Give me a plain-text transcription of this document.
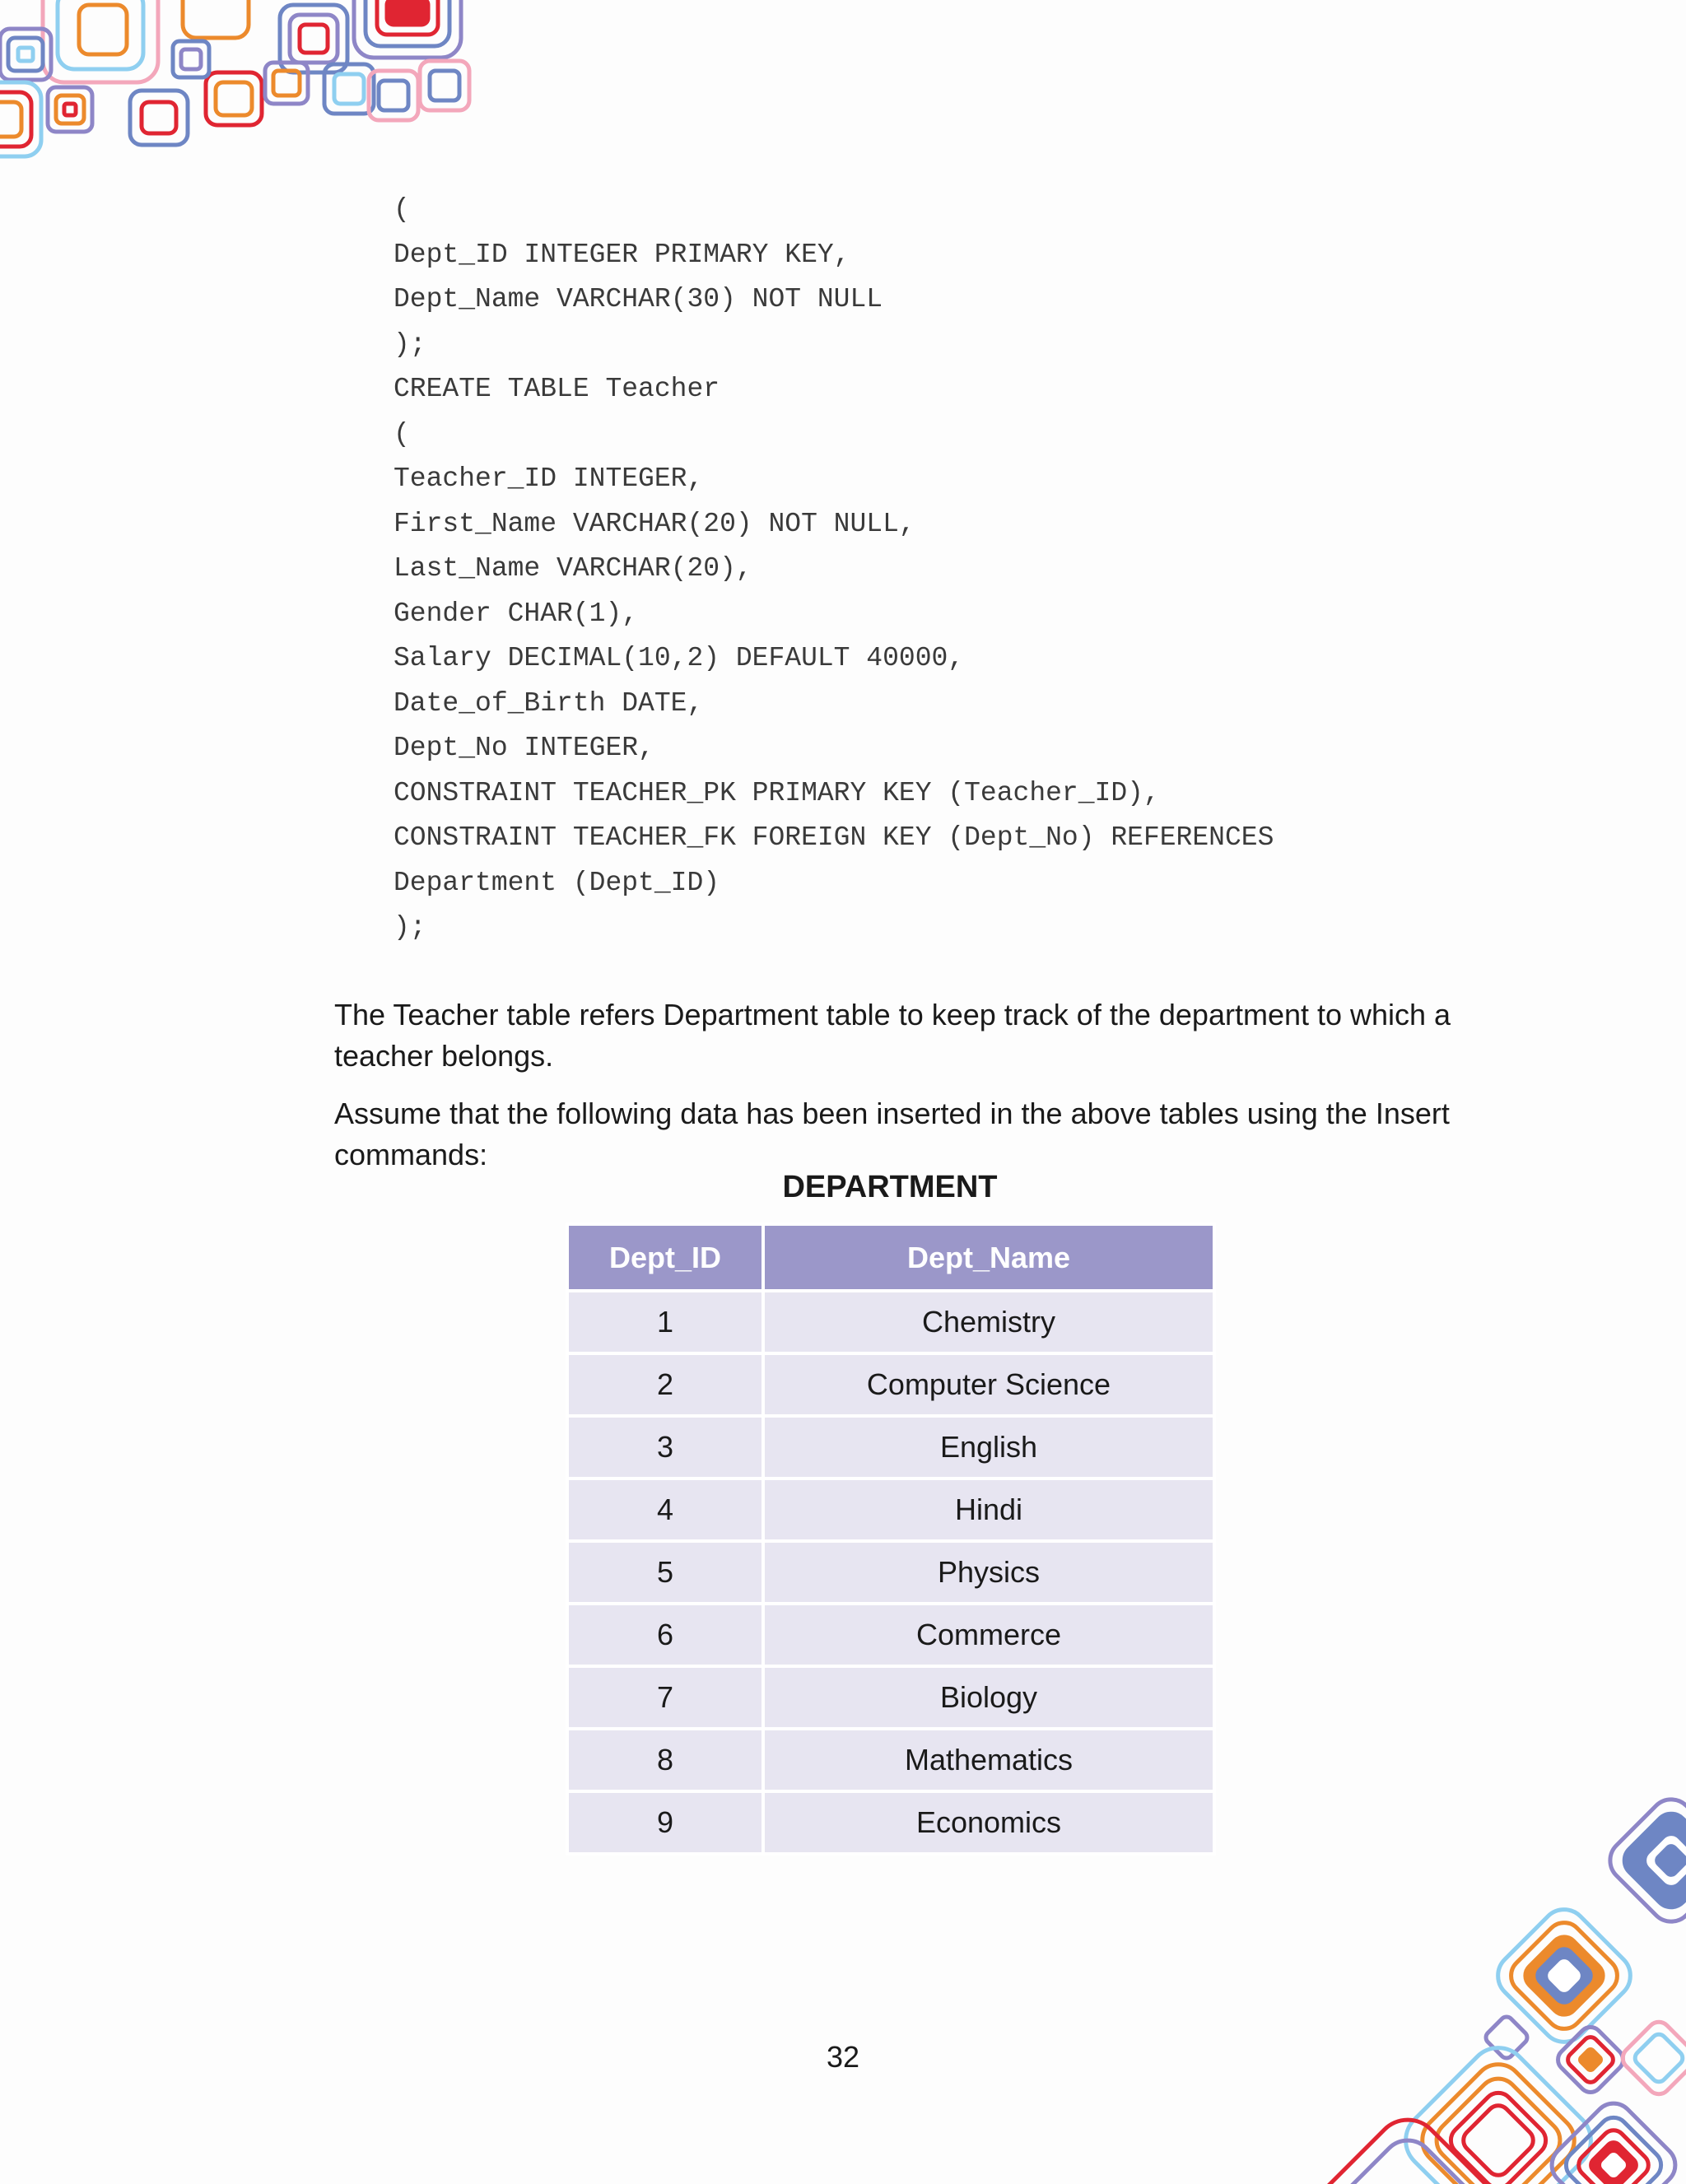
(
Dept_ID INTEGER PRIMARY KEY,
Dept_Name VARCHAR(30) NOT NULL
);
CREATE TABLE Teacher
(
Teacher_ID INTEGER,
First_Name VARCHAR(20) NOT NULL,
Last_Name VARCHAR(20),
Gender CHAR(1),
Salary DECIMAL(10,2) DEFAULT 40000,
Date_of_Birth DATE,
Dept_No INTEGER,
CONSTRAINT TEACHER_PK PRIMARY KEY (Teacher_ID),
CONSTRAINT TEACHER_FK FOREIGN KEY (Dept_No) REFERENCES
Department (Dept_ID)
);

The Teacher table refers Department table to keep track of the department to which a teacher belongs.

Assume that the following data has been inserted in the above tables using the Insert commands:

DEPARTMENT
Dept_ID	Dept_Name
1	Chemistry
2	Computer Science
3	English
4	Hindi
5	Physics
6	Commerce
7	Biology
8	Mathematics
9	Economics
32
